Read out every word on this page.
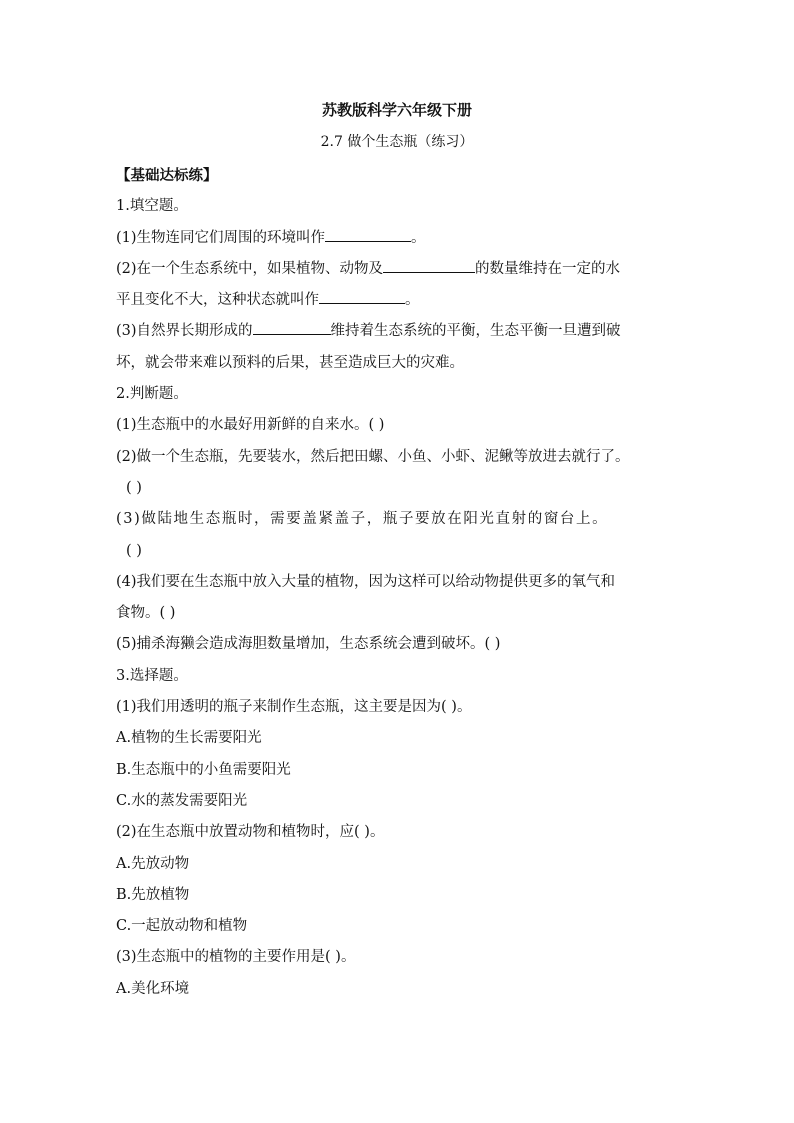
苏教版科学六年级下册
2.7 做个生态瓶（练习）
【基础达标练】
1.填空题。
(1)生物连同它们周围的环境叫作	。
(2)在一个生态系统中，如果植物、动物及	的数量维持在一定的水
平且变化不大，这种状态就叫作	。
(3)自然界长期形成的	维持着生态系统的平衡，生态平衡一旦遭到破
坏，就会带来难以预料的后果，甚至造成巨大的灾难。
2.判断题。
(1)生态瓶中的水最好用新鲜的自来水。( )
(2)做一个生态瓶，先要装水，然后把田螺、小鱼、小虾、泥鳅等放进去就行了。
( )
(3)做陆地生态瓶时，需要盖紧盖子，瓶子要放在阳光直射的窗台上。
( )
(4)我们要在生态瓶中放入大量的植物，因为这样可以给动物提供更多的氧气和
食物。( )
(5)捕杀海獭会造成海胆数量增加，生态系统会遭到破坏。( )
3.选择题。
(1)我们用透明的瓶子来制作生态瓶，这主要是因为( )。
A.植物的生长需要阳光
B.生态瓶中的小鱼需要阳光
C.水的蒸发需要阳光
(2)在生态瓶中放置动物和植物时，应( )。
A.先放动物
B.先放植物
C.一起放动物和植物
(3)生态瓶中的植物的主要作用是( )。
A.美化环境
